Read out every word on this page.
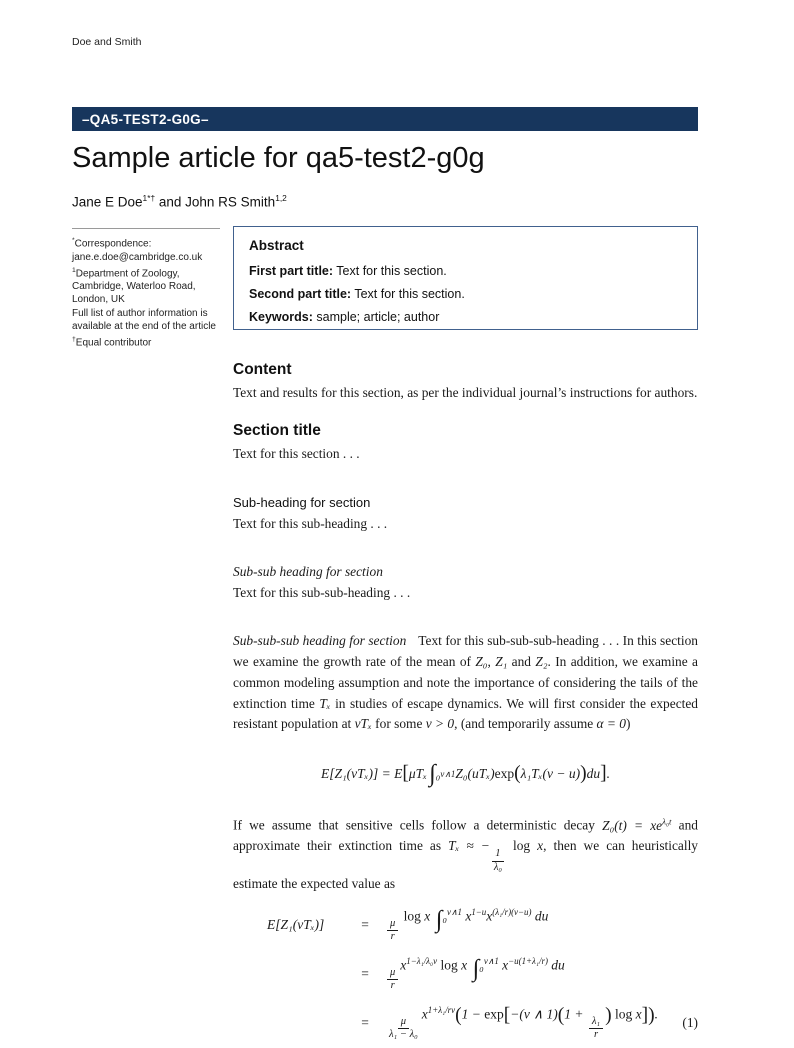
Doe and Smith
–QA5-TEST2-G0G–
Sample article for qa5-test2-g0g
Jane E Doe$^{1*\dagger}$ and John RS Smith$^{1,2}$
*Correspondence:
jane.e.doe@cambridge.co.uk
$^1$Department of Zoology,
Cambridge, Waterloo Road,
London, UK
Full list of author information is
available at the end of the article
†Equal contributor
Abstract

First part title: Text for this section.

Second part title: Text for this section.

Keywords: sample; article; author

Content

Text and results for this section, as per the individual journal’s instructions for authors.

Section title

Text for this section . . .

Sub-heading for section

Text for this sub-heading . . .

Sub-sub heading for section

Text for this sub-sub-heading . . .

Sub-sub-sub heading for section Text for this sub-sub-sub-heading . . . In this section we examine the growth rate of the mean of Z₀, Z₁ and Z₂. In addition, we examine a common modeling assumption and note the importance of considering the tails of the extinction time Tₓ in studies of escape dynamics. We will first consider the expected resistant population at vTₓ for some v > 0, (and temporarily assume α = 0)

E[Z₁(vTₓ)] = E [ μTₓ ∫ ₀ v∧1 Z₀(uTₓ) exp ( λ₁Tₓ(v − u) ) du ] .

If we assume that sensitive cells follow a deterministic decay $Z_0(t) = xe^{\lambda_0t}$ and approximate their extinction time as Tₓ ≈ −
$\frac{1}{\text{λ₀}}$
log x, then we can heuristically estimate the expected value as

E[Z₁(vTₓ)]	=	$\frac{\mu}{r}$
log x ∫₀$^{v\wedge 1}$ $x^{1-u}x^{(\lambda_1/r)(v-u)}$ du
=	$\frac{\mu}{r}$
$x^{1-\lambda_1/\lambda_0v}$ log x ∫₀$^{v\wedge 1}$ $x^{-u(1+\lambda_1/r)}$ du
=	$\frac{\mu}{\text{λ₁ − λ₀}}$
$x^{1+\lambda_1/rv}(1 - \exp[-(v$ ∧ 1)(1 +
$\frac{\text{λ₁}}{r}$
) log x]).
(1)
